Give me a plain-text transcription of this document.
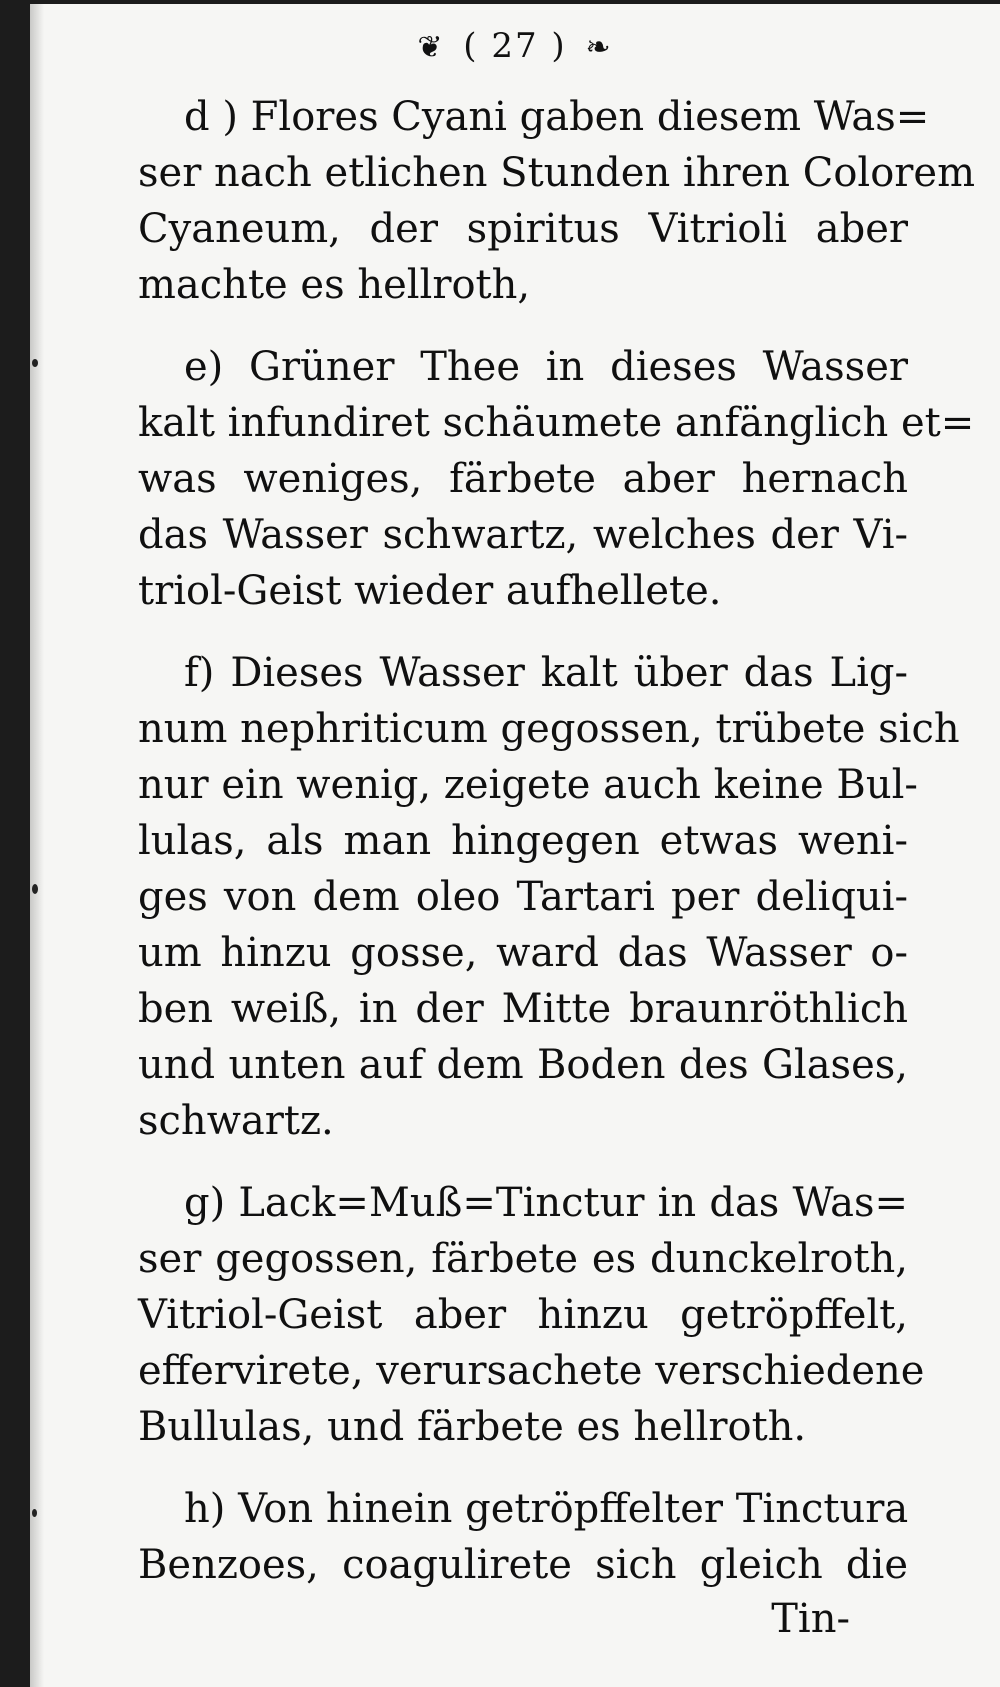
❦ ( 27 ) ❧
d ) Flores Cyani gaben diesem Was=
ser nach etlichen Stunden ihren Colorem
Cyaneum, der spiritus Vitrioli aber
machte es hellroth,
e) Grüner Thee in dieses Wasser
kalt infundiret schäumete anfänglich et=
was weniges, färbete aber hernach
das Wasser schwartz, welches der Vi-
triol-Geist wieder aufhellete.
f) Dieses Wasser kalt über das Lig-
num nephriticum gegossen, trübete sich
nur ein wenig, zeigete auch keine Bul-
lulas, als man hingegen etwas weni-
ges von dem oleo Tartari per deliqui-
um hinzu gosse, ward das Wasser o-
ben weiß, in der Mitte braunröthlich
und unten auf dem Boden des Glases,
schwartz.
g) Lack=Muß=Tinctur in das Was=
ser gegossen, färbete es dunckelroth,
Vitriol-Geist aber hinzu getröpffelt,
effervirete, verursachete verschiedene
Bullulas, und färbete es hellroth.
h) Von hinein getröpffelter Tinctura
Benzoes, coagulirete sich gleich die
Tin-
